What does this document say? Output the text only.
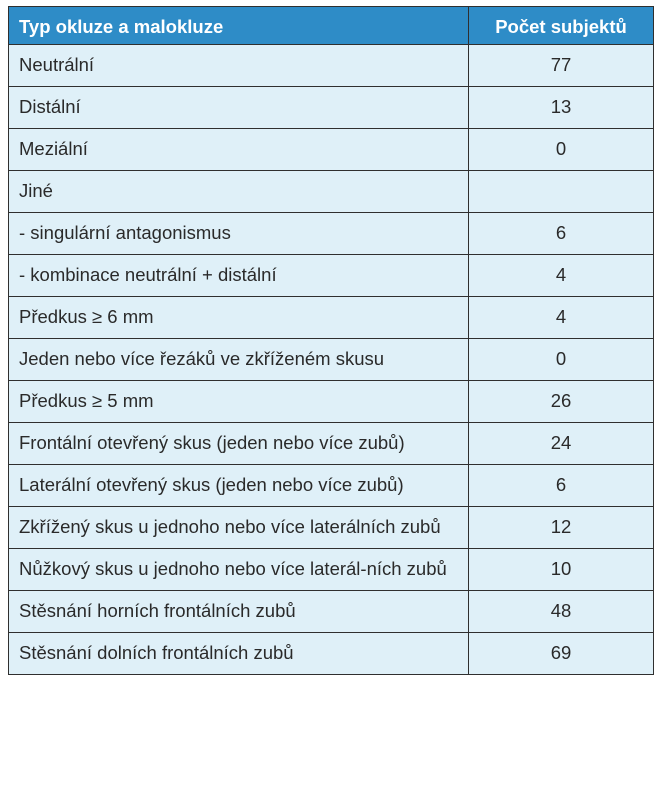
Typ okluze a malokluze	Počet subjektů
Neutrální	77
Distální	13
Meziální	0
Jiné	
- singulární antagonismus	6
- kombinace neutrální + distální	4
Předkus ≥ 6 mm	4
Jeden nebo více řezáků ve zkříženém skusu	0
Předkus ≥ 5 mm	26
Frontální otevřený skus (jeden nebo více zubů)	24
Laterální otevřený skus (jeden nebo více zubů)	6
Zkřížený skus u jednoho nebo více laterálních zubů	12
Nůžkový skus u jednoho nebo více laterál-ních zubů	10
Stěsnání horních frontálních zubů	48
Stěsnání dolních frontálních zubů	69
